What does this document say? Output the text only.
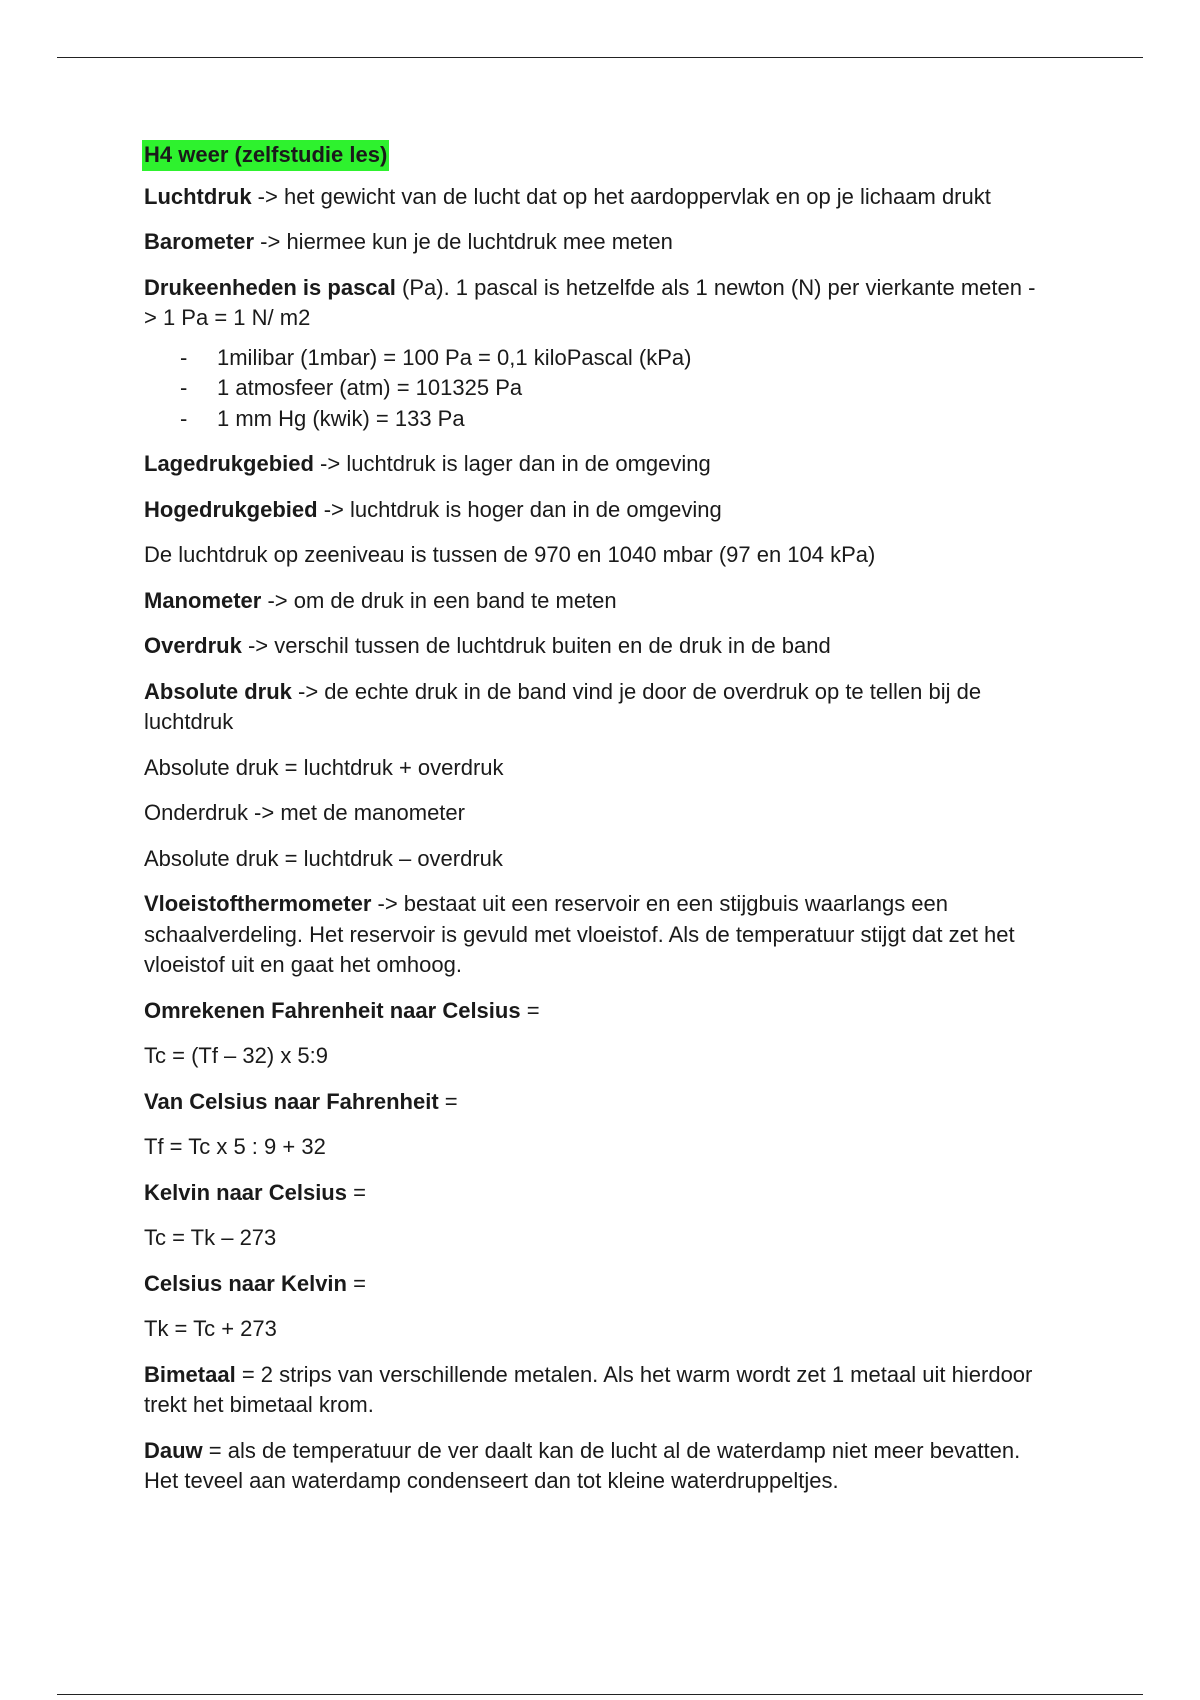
H4 weer (zelfstudie les)

Luchtdruk -> het gewicht van de lucht dat op het aardoppervlak en op je lichaam drukt

Barometer -> hiermee kun je de luchtdruk mee meten

Drukeenheden is pascal (Pa). 1 pascal is hetzelfde als 1 newton (N) per vierkante meten -> 1 Pa = 1 N/ m2

- 1milibar (1mbar) = 100 Pa = 0,1 kiloPascal (kPa)
- 1 atmosfeer (atm) = 101325 Pa
- 1 mm Hg (kwik) = 133 Pa

Lagedrukgebied -> luchtdruk is lager dan in de omgeving

Hogedrukgebied -> luchtdruk is hoger dan in de omgeving

De luchtdruk op zeeniveau is tussen de 970 en 1040 mbar (97 en 104 kPa)

Manometer -> om de druk in een band te meten

Overdruk -> verschil tussen de luchtdruk buiten en de druk in de band

Absolute druk -> de echte druk in de band vind je door de overdruk op te tellen bij de luchtdruk

Absolute druk = luchtdruk + overdruk

Onderdruk -> met de manometer

Absolute druk = luchtdruk – overdruk

Vloeistofthermometer -> bestaat uit een reservoir en een stijgbuis waarlangs een schaalverdeling. Het reservoir is gevuld met vloeistof. Als de temperatuur stijgt dat zet het vloeistof uit en gaat het omhoog.

Omrekenen Fahrenheit naar Celsius =

Tc = (Tf – 32) x 5:9

Van Celsius naar Fahrenheit =

Tf = Tc x 5 : 9 + 32

Kelvin naar Celsius =

Tc = Tk – 273

Celsius naar Kelvin =

Tk = Tc + 273

Bimetaal = 2 strips van verschillende metalen. Als het warm wordt zet 1 metaal uit hierdoor trekt het bimetaal krom.

Dauw = als de temperatuur de ver daalt kan de lucht al de waterdamp niet meer bevatten. Het teveel aan waterdamp condenseert dan tot kleine waterdruppeltjes.
